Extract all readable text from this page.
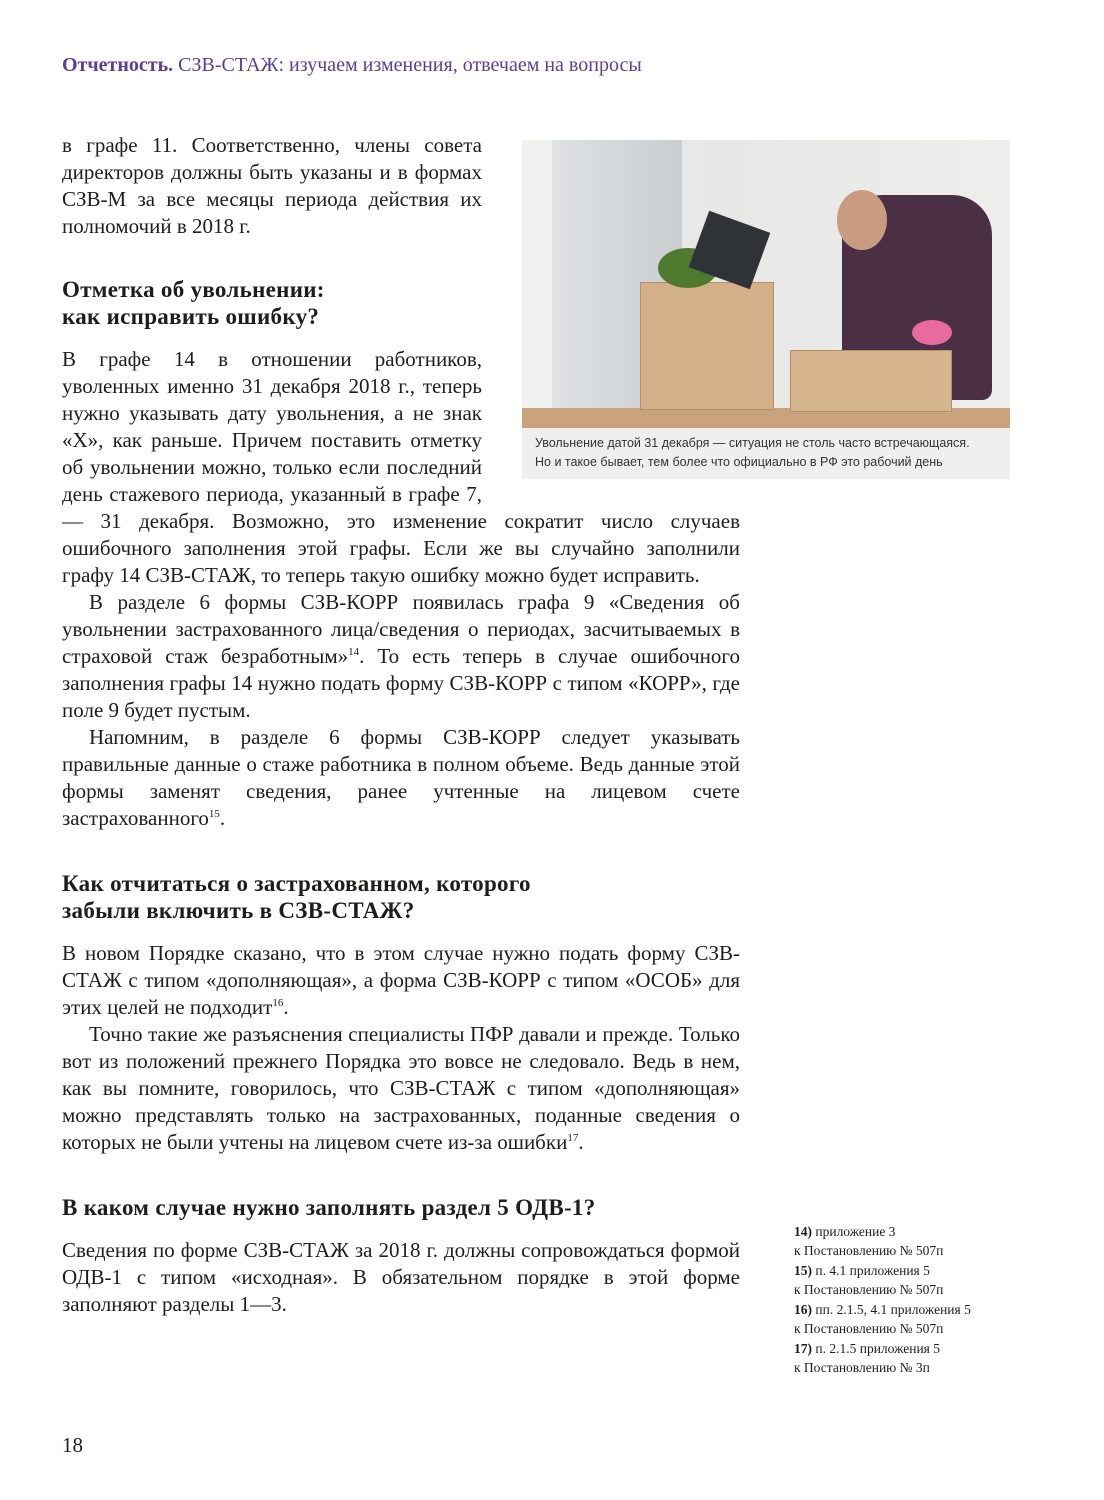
Отчетность. СЗВ-СТАЖ: изучаем изменения, отвечаем на вопросы
Увольнение датой 31 декабря — ситуация не столь часто встречающаяся.
Но и такое бывает, тем более что официально в РФ это рабочий день

в графе 11. Соответственно, члены совета директоров должны быть указаны и в формах СЗВ-М за все месяцы периода действия их полномочий в 2018 г.

Отметка об увольнении:
как исправить ошибку?

В графе 14 в отношении работников, уволенных именно 31 декабря 2018 г., теперь нужно указывать дату увольнения, а не знак «Х», как раньше. Причем поставить отметку об увольнении можно, только если последний день стажевого периода, указанный в графе 7, — 31 декабря. Возможно, это изменение сократит число случаев ошибочного заполнения этой графы. Если же вы случайно заполнили графу 14 СЗВ-СТАЖ, то теперь такую ошибку можно будет исправить.

В разделе 6 формы СЗВ-КОРР появилась графа 9 «Сведения об увольнении застрахованного лица/сведения о периодах, засчитываемых в страховой стаж безработным»$^{14}$. То есть теперь в случае ошибочного заполнения графы 14 нужно подать форму СЗВ-КОРР с типом «КОРР», где поле 9 будет пустым.

Напомним, в разделе 6 формы СЗВ-КОРР следует указывать правильные данные о стаже работника в полном объеме. Ведь данные этой формы заменят сведения, ранее учтенные на лицевом счете застрахованного$^{15}$.

Как отчитаться о застрахованном, которого
забыли включить в СЗВ-СТАЖ?

В новом Порядке сказано, что в этом случае нужно подать форму СЗВ-СТАЖ с типом «дополняющая», а форма СЗВ-КОРР с типом «ОСОБ» для этих целей не подходит$^{16}$.

Точно такие же разъяснения специалисты ПФР давали и прежде. Только вот из положений прежнего Порядка это вовсе не следовало. Ведь в нем, как вы помните, говорилось, что СЗВ-СТАЖ с типом «дополняющая» можно представлять только на застрахованных, поданные сведения о которых не были учтены на лицевом счете из-за ошибки$^{17}$.

В каком случае нужно заполнять раздел 5 ОДВ-1?

Сведения по форме СЗВ-СТАЖ за 2018 г. должны сопровождаться формой ОДВ-1 с типом «исходная». В обязательном порядке в этой форме заполняют разделы 1—3.

14) приложение 3
к Постановлению № 507п
15) п. 4.1 приложения 5
к Постановлению № 507п
16) пп. 2.1.5, 4.1 приложения 5
к Постановлению № 507п
17) п. 2.1.5 приложения 5
к Постановлению № 3п
18
